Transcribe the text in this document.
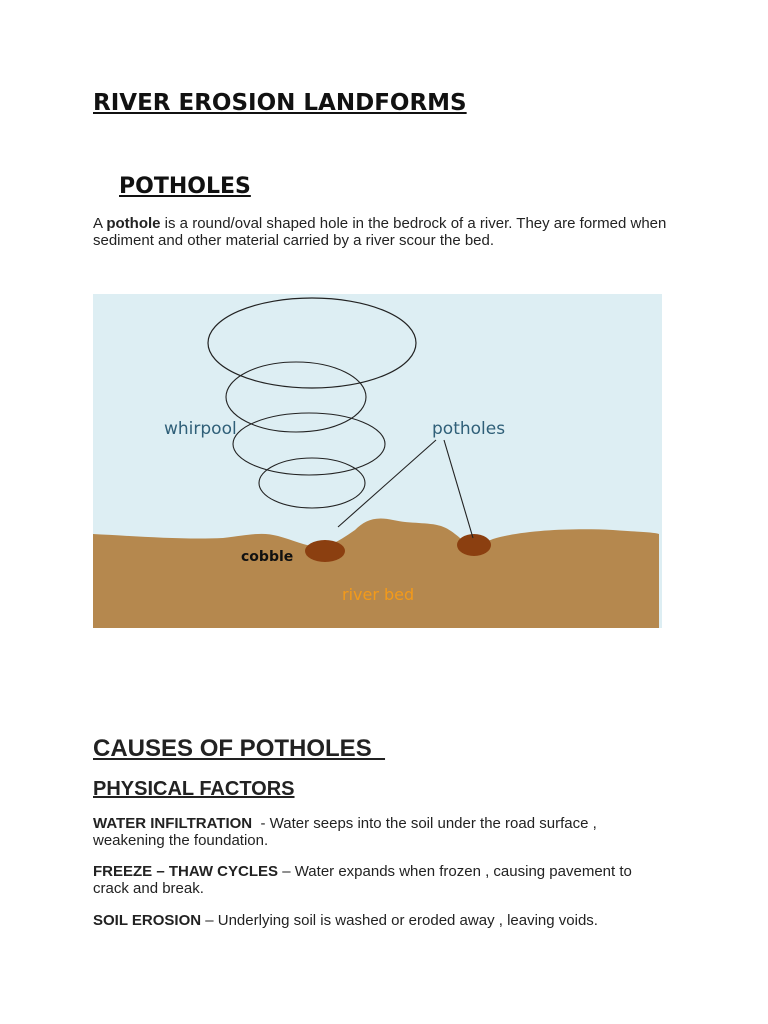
RIVER EROSION LANDFORMS
POTHOLES

A pothole is a round/oval shaped hole in the bedrock of a river. They are formed when sediment and other material carried by a river scour the bed.

whirpool	potholes
cobble
river bed
CAUSES OF POTHOLES
PHYSICAL FACTORS

WATER INFILTRATION  - Water seeps into the soil under the road surface , weakening the foundation.

FREEZE – THAW CYCLES – Water expands when frozen , causing pavement to crack and break.

SOIL EROSION – Underlying soil is washed or eroded away , leaving voids.
